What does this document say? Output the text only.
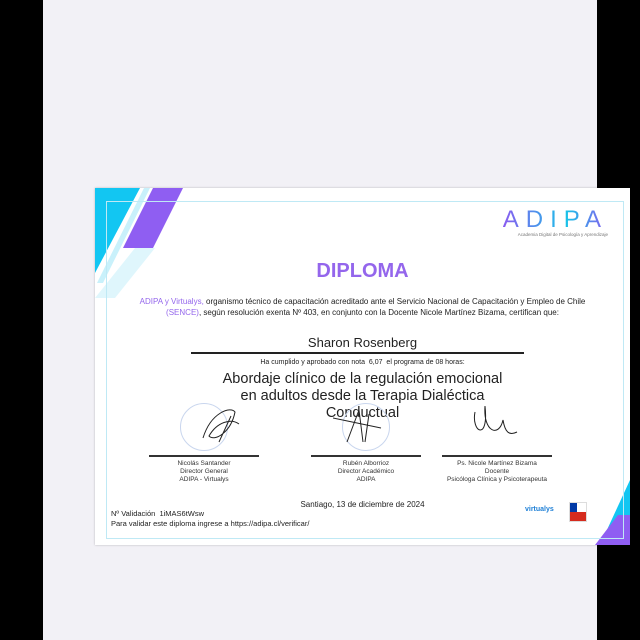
ADIPA
Academia Digital de Psicología y Aprendizaje
DIPLOMA
ADIPA y Virtualys, organismo técnico de capacitación acreditado ante el Servicio Nacional de Capacitación y Empleo de Chile (SENCE), según resolución exenta Nº 403, en conjunto con la Docente Nicole Martínez Bizama, certifican que:
Sharon Rosenberg
Ha cumplido y aprobado con nota  6,07  el programa de 08 horas:
Abordaje clínico de la regulación emocional en adultos desde la Terapia Dialéctica Conductual
Nicolás Santander
Director General
ADIPA - Virtualys
Rubén Alborrioz
Director Académico
ADIPA
Ps. Nicole Martínez Bizama
Docente
Psicóloga Clínica y Psicoterapeuta
Santiago, 13 de diciembre de 2024
Nº Validación  1iMAS6tWsw
Para validar este diploma ingrese a https://adipa.cl/verificar/
virtualys
